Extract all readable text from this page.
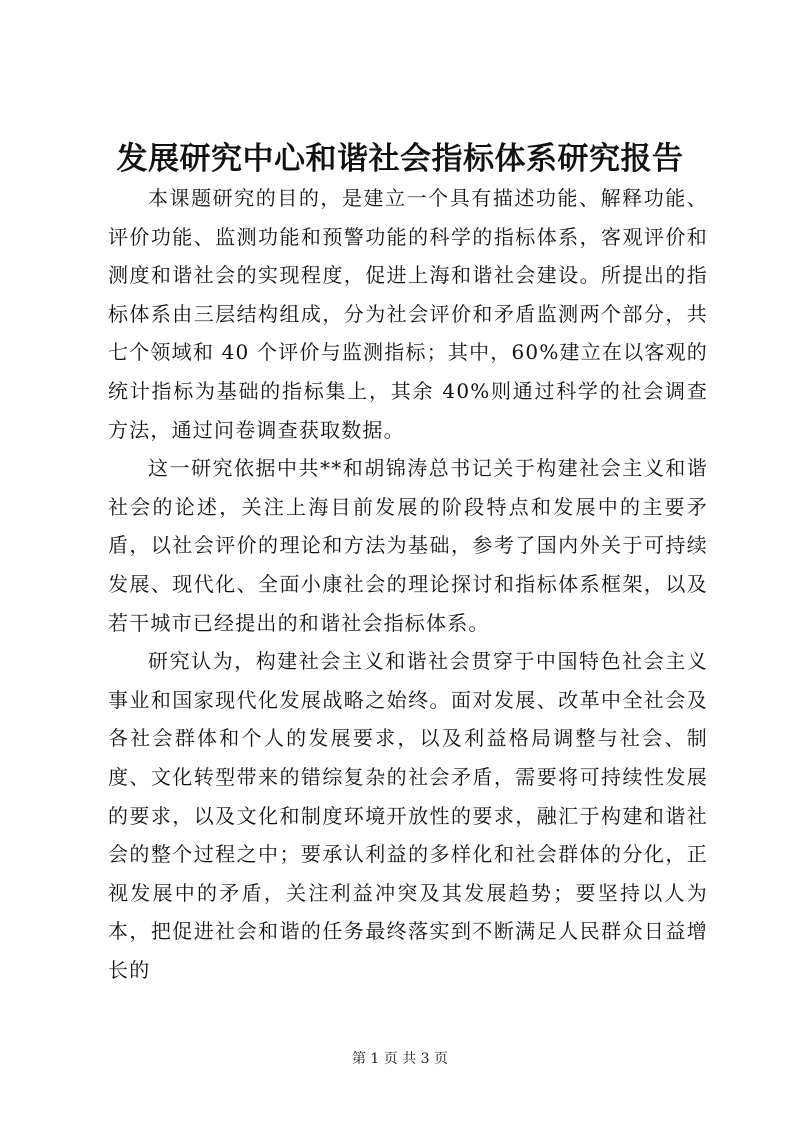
发展研究中心和谐社会指标体系研究报告

本课题研究的目的，是建立一个具有描述功能、解释功能、评价功能、监测功能和预警功能的科学的指标体系，客观评价和测度和谐社会的实现程度，促进上海和谐社会建设。所提出的指标体系由三层结构组成，分为社会评价和矛盾监测两个部分，共七个领域和 40 个评价与监测指标；其中，60%建立在以客观的统计指标为基础的指标集上，其余 40%则通过科学的社会调查方法，通过问卷调查获取数据。

这一研究依据中共**和胡锦涛总书记关于构建社会主义和谐社会的论述，关注上海目前发展的阶段特点和发展中的主要矛盾，以社会评价的理论和方法为基础，参考了国内外关于可持续发展、现代化、全面小康社会的理论探讨和指标体系框架，以及若干城市已经提出的和谐社会指标体系。

研究认为，构建社会主义和谐社会贯穿于中国特色社会主义事业和国家现代化发展战略之始终。面对发展、改革中全社会及各社会群体和个人的发展要求，以及利益格局调整与社会、制度、文化转型带来的错综复杂的社会矛盾，需要将可持续性发展的要求，以及文化和制度环境开放性的要求，融汇于构建和谐社会的整个过程之中；要承认利益的多样化和社会群体的分化，正视发展中的矛盾，关注利益冲突及其发展趋势；要坚持以人为本，把促进社会和谐的任务最终落实到不断满足人民群众日益增长的

第 1 页 共 3 页
